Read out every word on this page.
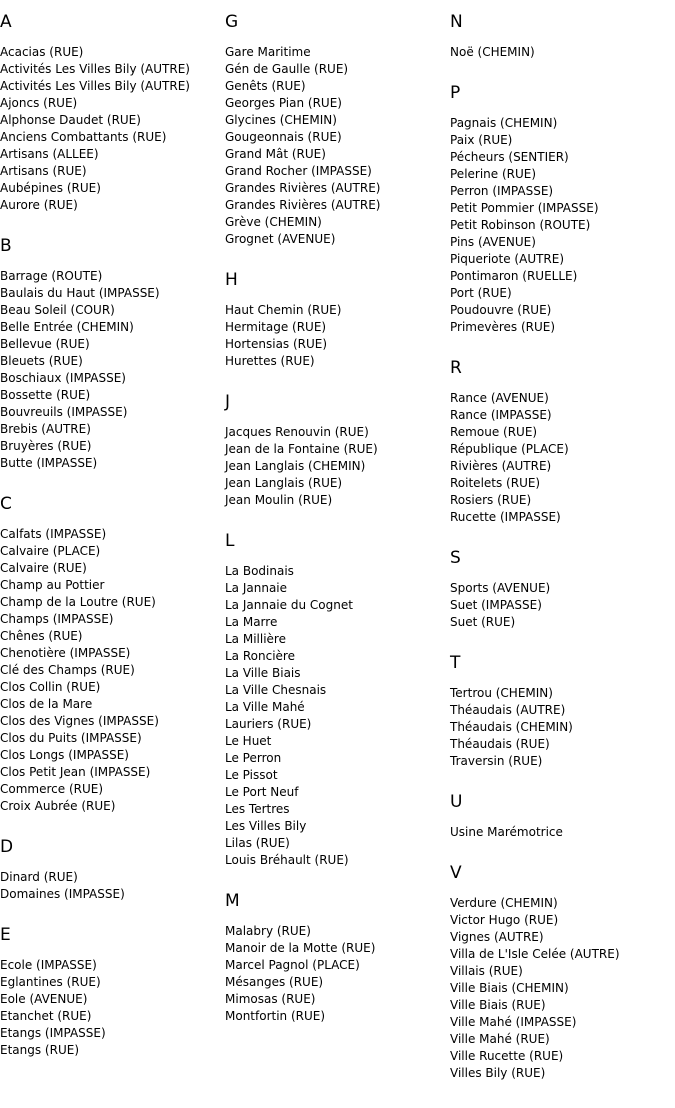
A
Acacias (RUE)
Activités Les Villes Bily (AUTRE)
Activités Les Villes Bily (AUTRE)
Ajoncs (RUE)
Alphonse Daudet (RUE)
Anciens Combattants (RUE)
Artisans (ALLEE)
Artisans (RUE)
Aubépines (RUE)
Aurore (RUE)
B
Barrage (ROUTE)
Baulais du Haut (IMPASSE)
Beau Soleil (COUR)
Belle Entrée (CHEMIN)
Bellevue (RUE)
Bleuets (RUE)
Boschiaux (IMPASSE)
Bossette (RUE)
Bouvreuils (IMPASSE)
Brebis (AUTRE)
Bruyères (RUE)
Butte (IMPASSE)
C
Calfats (IMPASSE)
Calvaire (PLACE)
Calvaire (RUE)
Champ au Pottier
Champ de la Loutre (RUE)
Champs (IMPASSE)
Chênes (RUE)
Chenotière (IMPASSE)
Clé des Champs (RUE)
Clos Collin (RUE)
Clos de la Mare
Clos des Vignes (IMPASSE)
Clos du Puits (IMPASSE)
Clos Longs (IMPASSE)
Clos Petit Jean (IMPASSE)
Commerce (RUE)
Croix Aubrée (RUE)
D
Dinard (RUE)
Domaines (IMPASSE)
E
Ecole (IMPASSE)
Eglantines (RUE)
Eole (AVENUE)
Etanchet (RUE)
Etangs (IMPASSE)
Etangs (RUE)
G
Gare Maritime
Gén de Gaulle (RUE)
Genêts (RUE)
Georges Pian (RUE)
Glycines (CHEMIN)
Gougeonnais (RUE)
Grand Mât (RUE)
Grand Rocher (IMPASSE)
Grandes Rivières (AUTRE)
Grandes Rivières (AUTRE)
Grève (CHEMIN)
Grognet (AVENUE)
H
Haut Chemin (RUE)
Hermitage (RUE)
Hortensias (RUE)
Hurettes (RUE)
J
Jacques Renouvin (RUE)
Jean de la Fontaine (RUE)
Jean Langlais (CHEMIN)
Jean Langlais (RUE)
Jean Moulin (RUE)
L
La Bodinais
La Jannaie
La Jannaie du Cognet
La Marre
La Millière
La Roncière
La Ville Biais
La Ville Chesnais
La Ville Mahé
Lauriers (RUE)
Le Huet
Le Perron
Le Pissot
Le Port Neuf
Les Tertres
Les Villes Bily
Lilas (RUE)
Louis Bréhault (RUE)
M
Malabry (RUE)
Manoir de la Motte (RUE)
Marcel Pagnol (PLACE)
Mésanges (RUE)
Mimosas (RUE)
Montfortin (RUE)
N
Noë (CHEMIN)
P
Pagnais (CHEMIN)
Paix (RUE)
Pécheurs (SENTIER)
Pelerine (RUE)
Perron (IMPASSE)
Petit Pommier (IMPASSE)
Petit Robinson (ROUTE)
Pins (AVENUE)
Piqueriote (AUTRE)
Pontimaron (RUELLE)
Port (RUE)
Poudouvre (RUE)
Primevères (RUE)
R
Rance (AVENUE)
Rance (IMPASSE)
Remoue (RUE)
République (PLACE)
Rivières (AUTRE)
Roitelets (RUE)
Rosiers (RUE)
Rucette (IMPASSE)
S
Sports (AVENUE)
Suet (IMPASSE)
Suet (RUE)
T
Tertrou (CHEMIN)
Théaudais (AUTRE)
Théaudais (CHEMIN)
Théaudais (RUE)
Traversin (RUE)
U
Usine Marémotrice
V
Verdure (CHEMIN)
Victor Hugo (RUE)
Vignes (AUTRE)
Villa de L'Isle Celée (AUTRE)
Villais (RUE)
Ville Biais (CHEMIN)
Ville Biais (RUE)
Ville Mahé (IMPASSE)
Ville Mahé (RUE)
Ville Rucette (RUE)
Villes Bily (RUE)
